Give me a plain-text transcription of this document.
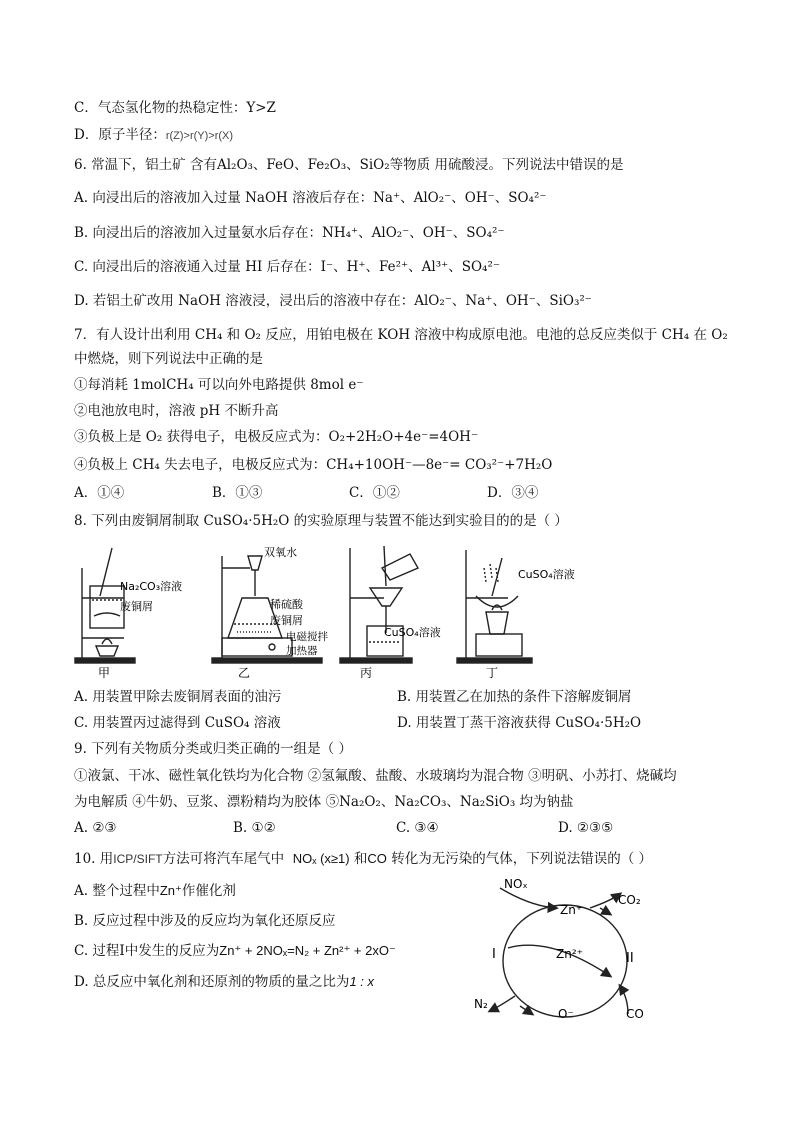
C．气态氢化物的热稳定性：Y>Z
D．原子半径：r(Z)>r(Y)>r(X)
6. 常温下，铝土矿 含有Al₂O₃、FeO、Fe₂O₃、SiO₂等物质 用硫酸浸。下列说法中错误的是
A. 向浸出后的溶液加入过量 NaOH 溶液后存在：Na⁺、AlO₂⁻、OH⁻、SO₄²⁻
B. 向浸出后的溶液加入过量氨水后存在：NH₄⁺、AlO₂⁻、OH⁻、SO₄²⁻
C. 向浸出后的溶液通入过量 HI 后存在：I⁻、H⁺、Fe²⁺、Al³⁺、SO₄²⁻
D. 若铝土矿改用 NaOH 溶液浸，浸出后的溶液中存在：AlO₂⁻、Na⁺、OH⁻、SiO₃²⁻
7．有人设计出利用 CH₄ 和 O₂ 反应，用铂电极在 KOH 溶液中构成原电池。电池的总反应类似于 CH₄ 在 O₂
中燃烧，则下列说法中正确的是
①每消耗 1molCH₄ 可以向外电路提供 8mol e⁻
②电池放电时，溶液 pH 不断升高
③负极上是 O₂ 获得电子，电极反应式为：O₂+2H₂O+4e⁻=4OH⁻
④负极上 CH₄ 失去电子，电极反应式为：CH₄+10OH⁻—8e⁻= CO₃²⁻+7H₂O
A．①④	B．①③	C．①②	D．③④
8. 下列由废铜屑制取 CuSO₄·5H₂O 的实验原理与装置不能达到实验目的的是（ ）
Na₂CO₃溶液
废铜屑
双氧水
稀硫酸
废铜屑
电磁搅拌
加热器
CuSO₄溶液
CuSO₄溶液
甲	乙	丙	丁
A. 用装置甲除去废铜屑表面的油污	B. 用装置乙在加热的条件下溶解废铜屑
C. 用装置丙过滤得到 CuSO₄ 溶液	D. 用装置丁蒸干溶液获得 CuSO₄·5H₂O
9. 下列有关物质分类或归类正确的一组是（ ）
①液氯、干冰、磁性氧化铁均为化合物 ②氢氟酸、盐酸、水玻璃均为混合物 ③明矾、小苏打、烧碱均
为电解质 ④牛奶、豆浆、漂粉精均为胶体 ⑤Na₂O₂、Na₂CO₃、Na₂SiO₃ 均为钠盐
A. ②③	B. ①②	C. ③④	D. ②③⑤
10. 用ICP/SIFT方法可将汽车尾气中 NOₓ (x≥1) 和CO 转化为无污染的气体，下列说法错误的（ ）
A. 整个过程中Zn⁺作催化剂
B. 反应过程中涉及的反应均为氧化还原反应
C. 过程Ⅰ中发生的反应为Zn⁺ + 2NOₓ=N₂ + Zn²⁺ + 2xO⁻
D. 总反应中氧化剂和还原剂的物质的量之比为1 : x
NOₓ
Zn⁺
CO₂
I	II
Zn²⁺
N₂
O⁻	CO
